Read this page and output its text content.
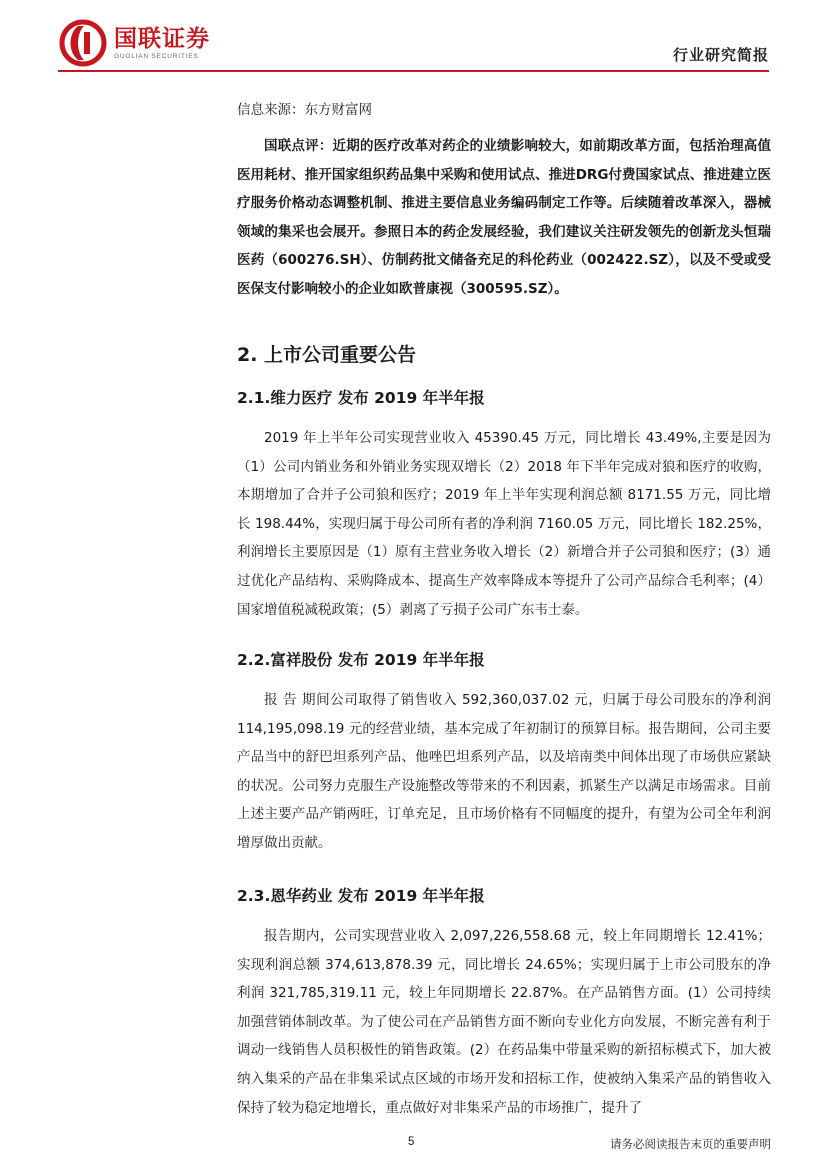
国联证券
GUOLIAN SECURITIES	行业研究简报

信息来源：东方财富网

国联点评：近期的医疗改革对药企的业绩影响较大，如前期改革方面，包括治理高值医用耗材、推开国家组织药品集中采购和使用试点、推进DRG付费国家试点、推进建立医疗服务价格动态调整机制、推进主要信息业务编码制定工作等。后续随着改革深入，器械领域的集采也会展开。参照日本的药企发展经验，我们建议关注研发领先的创新龙头恒瑞医药（600276.SH）、仿制药批文储备充足的科伦药业（002422.SZ），以及不受或受医保支付影响较小的企业如欧普康视（300595.SZ）。

2. 上市公司重要公告
2.1.维力医疗 发布 2019 年半年报

2019 年上半年公司实现营业收入 45390.45 万元，同比增长 43.49%,主要是因为（1）公司内销业务和外销业务实现双增长（2）2018 年下半年完成对狼和医疗的收购，本期增加了合并子公司狼和医疗；2019 年上半年实现利润总额 8171.55 万元，同比增长 198.44%，实现归属于母公司所有者的净利润 7160.05 万元，同比增长 182.25%，利润增长主要原因是（1）原有主营业务收入增长（2）新增合并子公司狼和医疗；(3）通过优化产品结构、采购降成本、提高生产效率降成本等提升了公司产品综合毛利率；(4）国家增值税减税政策；(5）剥离了亏损子公司广东韦士泰。

2.2.富祥股份 发布 2019 年半年报

报 告 期间公司取得了销售收入 592,360,037.02 元，归属于母公司股东的净利润 114,195,098.19 元的经营业绩，基本完成了年初制订的预算目标。报告期间，公司主要产品当中的舒巴坦系列产品、他唑巴坦系列产品，以及培南类中间体出现了市场供应紧缺的状况。公司努力克服生产设施整改等带来的不利因素，抓紧生产以满足市场需求。目前上述主要产品产销两旺，订单充足，且市场价格有不同幅度的提升，有望为公司全年利润增厚做出贡献。

2.3.恩华药业 发布 2019 年半年报

报告期内，公司实现营业收入 2,097,226,558.68 元，较上年同期增长 12.41%；实现利润总额 374,613,878.39 元，同比增长 24.65%；实现归属于上市公司股东的净利润 321,785,319.11 元，较上年同期增长 22.87%。在产品销售方面。(1）公司持续加强营销体制改革。为了使公司在产品销售方面不断向专业化方向发展，不断完善有利于调动一线销售人员积极性的销售政策。(2）在药品集中带量采购的新招标模式下，加大被纳入集采的产品在非集采试点区域的市场开发和招标工作，使被纳入集采产品的销售收入保持了较为稳定地增长，重点做好对非集采产品的市场推广，提升了

5	请务必阅读报告末页的重要声明
